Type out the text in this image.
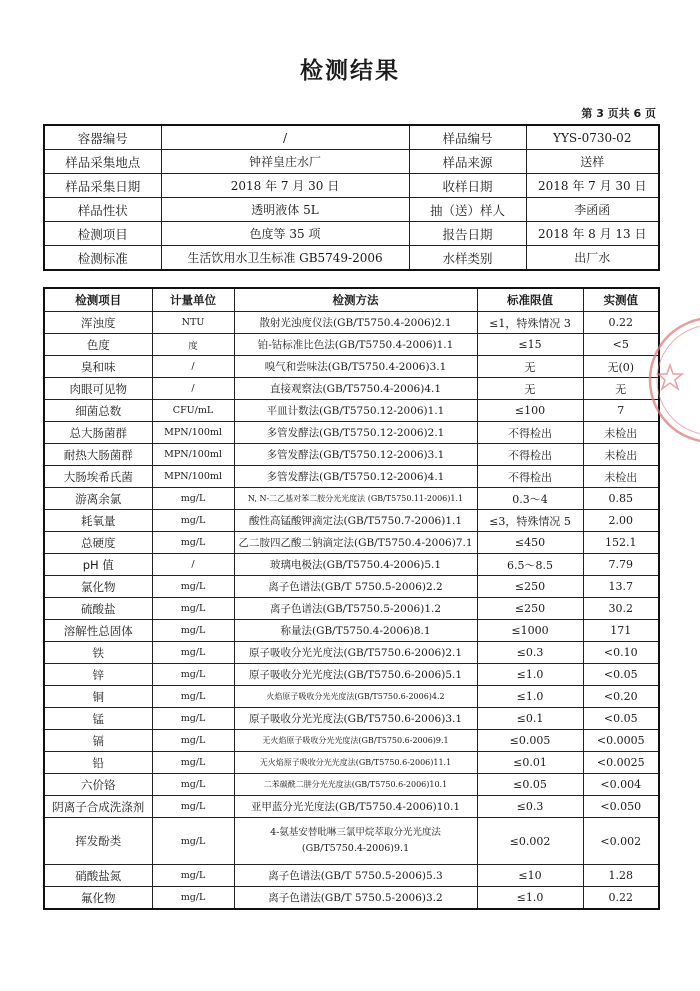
检测结果
第 3 页共 6 页
容器编号	/	样品编号	YYS-0730-02
样品采集地点	钟祥皇庄水厂	样品来源	送样
样品采集日期	2018 年 7 月 30 日	收样日期	2018 年 7 月 30 日
样品性状	透明液体 5L	抽（送）样人	李函函
检测项目	色度等 35 项	报告日期	2018 年 8 月 13 日
检测标准	生活饮用水卫生标准 GB5749-2006	水样类别	出厂水
检测项目	计量单位	检测方法	标准限值	实测值
浑浊度	NTU	散射光浊度仪法(GB/T5750.4-2006)2.1	≤1，特殊情况 3	0.22
色度	度	铂-钴标准比色法(GB/T5750.4-2006)1.1	≤15	<5
臭和味	/	嗅气和尝味法(GB/T5750.4-2006)3.1	无	无(0)
肉眼可见物	/	直接观察法(GB/T5750.4-2006)4.1	无	无
细菌总数	CFU/mL	平皿计数法(GB/T5750.12-2006)1.1	≤100	7
总大肠菌群	MPN/100ml	多管发酵法(GB/T5750.12-2006)2.1	不得检出	未检出
耐热大肠菌群	MPN/100ml	多管发酵法(GB/T5750.12-2006)3.1	不得检出	未检出
大肠埃希氏菌	MPN/100ml	多管发酵法(GB/T5750.12-2006)4.1	不得检出	未检出
游离余氯	mg/L	N, N-二乙基对苯二胺分光光度法 (GB/T5750.11-2006)1.1	0.3～4	0.85
耗氧量	mg/L	酸性高锰酸钾滴定法(GB/T5750.7-2006)1.1	≤3，特殊情况 5	2.00
总硬度	mg/L	乙二胺四乙酸二钠滴定法(GB/T5750.4-2006)7.1	≤450	152.1
pH 值	/	玻璃电极法(GB/T5750.4-2006)5.1	6.5～8.5	7.79
氯化物	mg/L	离子色谱法(GB/T 5750.5-2006)2.2	≤250	13.7
硫酸盐	mg/L	离子色谱法(GB/T5750.5-2006)1.2	≤250	30.2
溶解性总固体	mg/L	称量法(GB/T5750.4-2006)8.1	≤1000	171
铁	mg/L	原子吸收分光光度法(GB/T5750.6-2006)2.1	≤0.3	<0.10
锌	mg/L	原子吸收分光光度法(GB/T5750.6-2006)5.1	≤1.0	<0.05
铜	mg/L	火焰原子吸收分光光度法(GB/T5750.6-2006)4.2	≤1.0	<0.20
锰	mg/L	原子吸收分光光度法(GB/T5750.6-2006)3.1	≤0.1	<0.05
镉	mg/L	无火焰原子吸收分光光度法(GB/T5750.6-2006)9.1	≤0.005	<0.0005
铅	mg/L	无火焰原子吸收分光光度法(GB/T5750.6-2006)11.1	≤0.01	<0.0025
六价铬	mg/L	二苯碳酰二肼分光光度法(GB/T5750.6-2006)10.1	≤0.05	<0.004
阴离子合成洗涤剂	mg/L	亚甲蓝分光光度法(GB/T5750.4-2006)10.1	≤0.3	<0.050
挥发酚类	mg/L	4-氨基安替吡啉三氯甲烷萃取分光光度法 (GB/T5750.4-2006)9.1	≤0.002	<0.002
硝酸盐氮	mg/L	离子色谱法(GB/T 5750.5-2006)5.3	≤10	1.28
氟化物	mg/L	离子色谱法(GB/T 5750.5-2006)3.2	≤1.0	0.22
